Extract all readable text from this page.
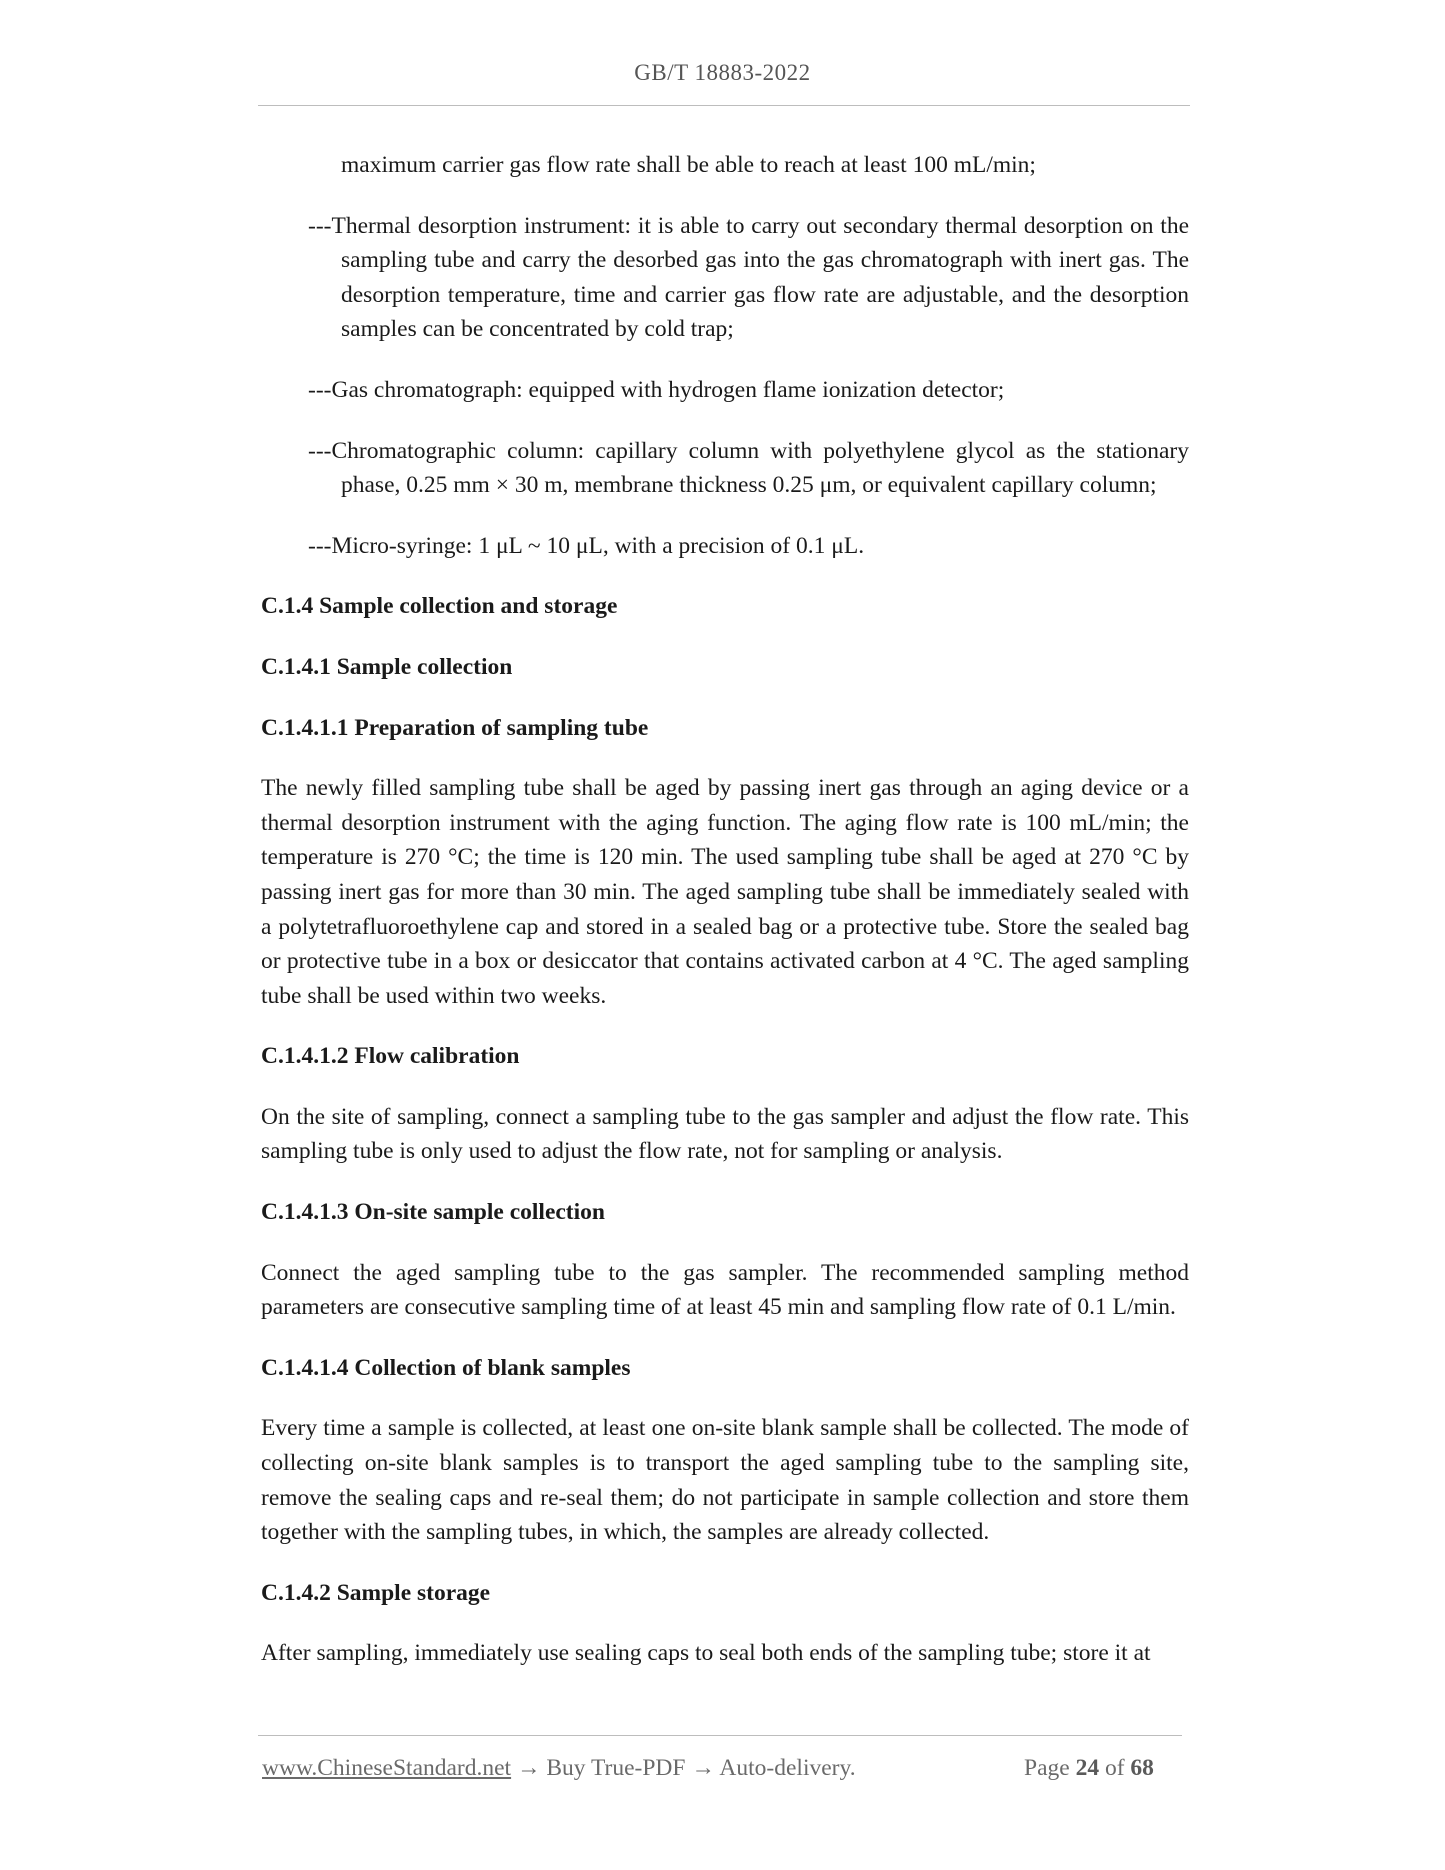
GB/T 18883-2022

maximum carrier gas flow rate shall be able to reach at least 100 mL/min;

---Thermal desorption instrument: it is able to carry out secondary thermal desorption on the sampling tube and carry the desorbed gas into the gas chromatograph with inert gas. The desorption temperature, time and carrier gas flow rate are adjustable, and the desorption samples can be concentrated by cold trap;

---Gas chromatograph: equipped with hydrogen flame ionization detector;

---Chromatographic column: capillary column with polyethylene glycol as the stationary phase, 0.25 mm × 30 m, membrane thickness 0.25 μm, or equivalent capillary column;

---Micro-syringe: 1 μL ~ 10 μL, with a precision of 0.1 μL.

C.1.4 Sample collection and storage

C.1.4.1 Sample collection

C.1.4.1.1 Preparation of sampling tube

The newly filled sampling tube shall be aged by passing inert gas through an aging device or a thermal desorption instrument with the aging function. The aging flow rate is 100 mL/min; the temperature is 270 °C; the time is 120 min. The used sampling tube shall be aged at 270 °C by passing inert gas for more than 30 min. The aged sampling tube shall be immediately sealed with a polytetrafluoroethylene cap and stored in a sealed bag or a protective tube. Store the sealed bag or protective tube in a box or desiccator that contains activated carbon at 4 °C. The aged sampling tube shall be used within two weeks.

C.1.4.1.2 Flow calibration

On the site of sampling, connect a sampling tube to the gas sampler and adjust the flow rate. This sampling tube is only used to adjust the flow rate, not for sampling or analysis.

C.1.4.1.3 On-site sample collection

Connect the aged sampling tube to the gas sampler. The recommended sampling method parameters are consecutive sampling time of at least 45 min and sampling flow rate of 0.1 L/min.

C.1.4.1.4 Collection of blank samples

Every time a sample is collected, at least one on-site blank sample shall be collected. The mode of collecting on-site blank samples is to transport the aged sampling tube to the sampling site, remove the sealing caps and re-seal them; do not participate in sample collection and store them together with the sampling tubes, in which, the samples are already collected.

C.1.4.2 Sample storage

After sampling, immediately use sealing caps to seal both ends of the sampling tube; store it at

www.ChineseStandard.net → Buy True-PDF → Auto-delivery.	Page 24 of 68
